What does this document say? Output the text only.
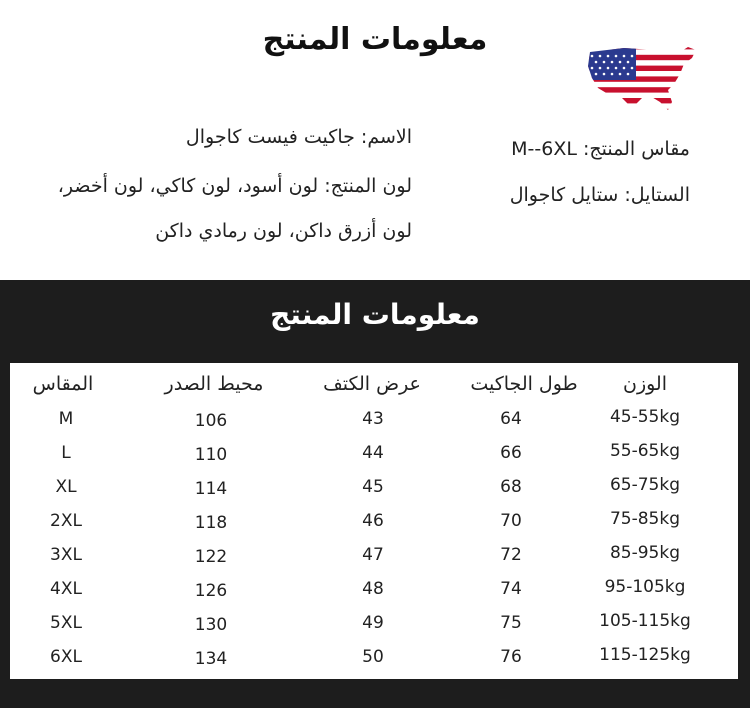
معلومات المنتج
الاسم: جاكيت فيست كاجوال
لون المنتج: لون أسود، لون كاكي، لون أخضر،
لون أزرق داكن، لون رمادي داكن
مقاس المنتج: M--6XL
الستايل: ستايل كاجوال
معلومات المنتج
المقاس	محيط الصدر	عرض الكتف	طول الجاكيت	الوزن
M	106	43	64	45-55kg
L	110	44	66	55-65kg
XL	114	45	68	65-75kg
2XL	118	46	70	75-85kg
3XL	122	47	72	85-95kg
4XL	126	48	74	95-105kg
5XL	130	49	75	105-115kg
6XL	134	50	76	115-125kg
